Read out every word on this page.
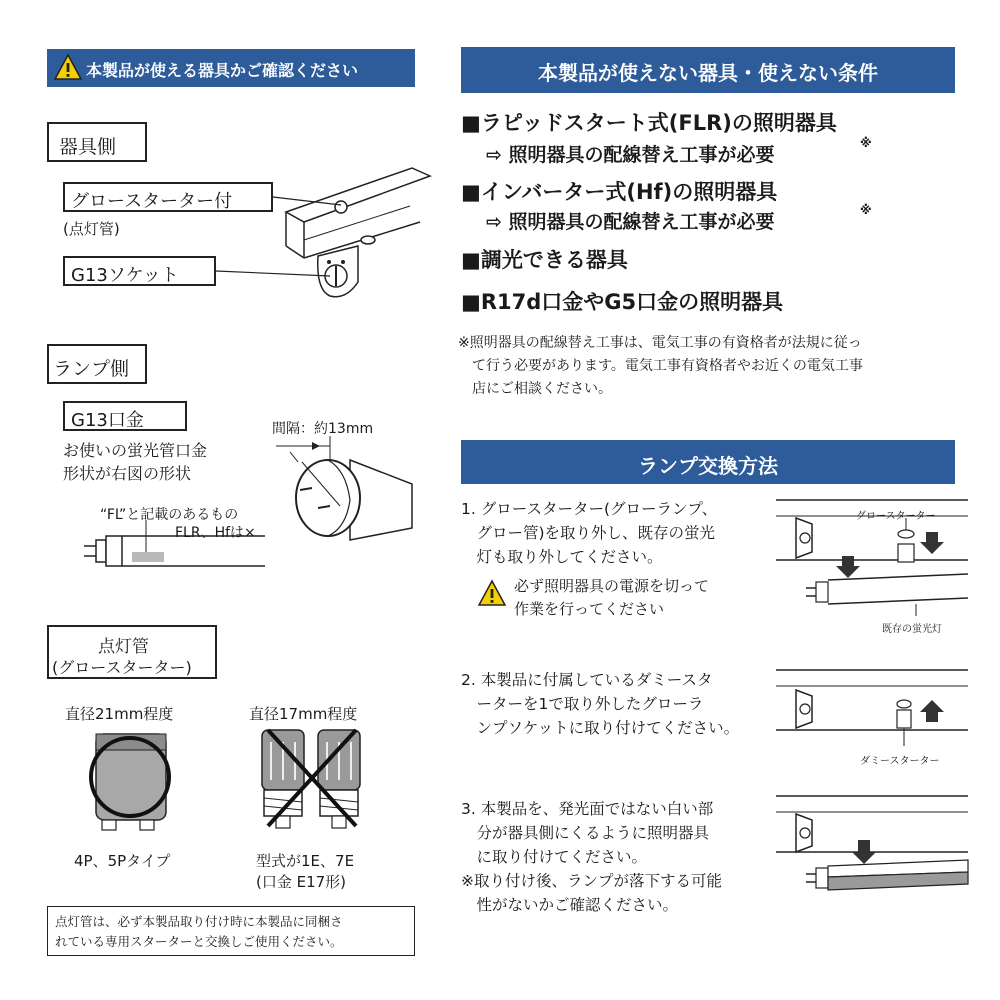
本製品が使える器具かご確認ください
器具側
グロースターター付
(点灯管)
G13ソケット
ランプ側
G13口金
お使いの蛍光管口金
形状が右図の形状
間隔：約13mm
“FL”と記載のあるもの
FLR、Hfは×
点灯管
(グロースターター)
直径21mm程度	直径17mm程度
4P、5Pタイプ	型式が1E、7E
(口金 E17形)
点灯管は、必ず本製品取り付け時に本製品に同梱さ
れている専用スターターと交換しご使用ください。
本製品が使えない器具・使えない条件
■ラピッドスタート式(FLR)の照明器具
⇨ 照明器具の配線替え工事が必要
※
■インバーター式(Hf)の照明器具
⇨ 照明器具の配線替え工事が必要
※
■調光できる器具
■R17d口金やG5口金の照明器具
※照明器具の配線替え工事は、電気工事の有資格者が法規に従っ
　て行う必要があります。電気工事有資格者やお近くの電気工事
　店にご相談ください。
ランプ交換方法
1. グロースターター(グローランプ、
　グロー管)を取り外し、既存の蛍光
　灯も取り外してください。
必ず照明器具の電源を切って
作業を行ってください
グロースターター
既存の蛍光灯
2. 本製品に付属しているダミースタ
　ーターを1で取り外したグローラ
　ンプソケットに取り付けてください。
ダミースターター
3. 本製品を、発光面ではない白い部
　分が器具側にくるように照明器具
　に取り付けてください。
※取り付け後、ランプが落下する可能
　性がないかご確認ください。
